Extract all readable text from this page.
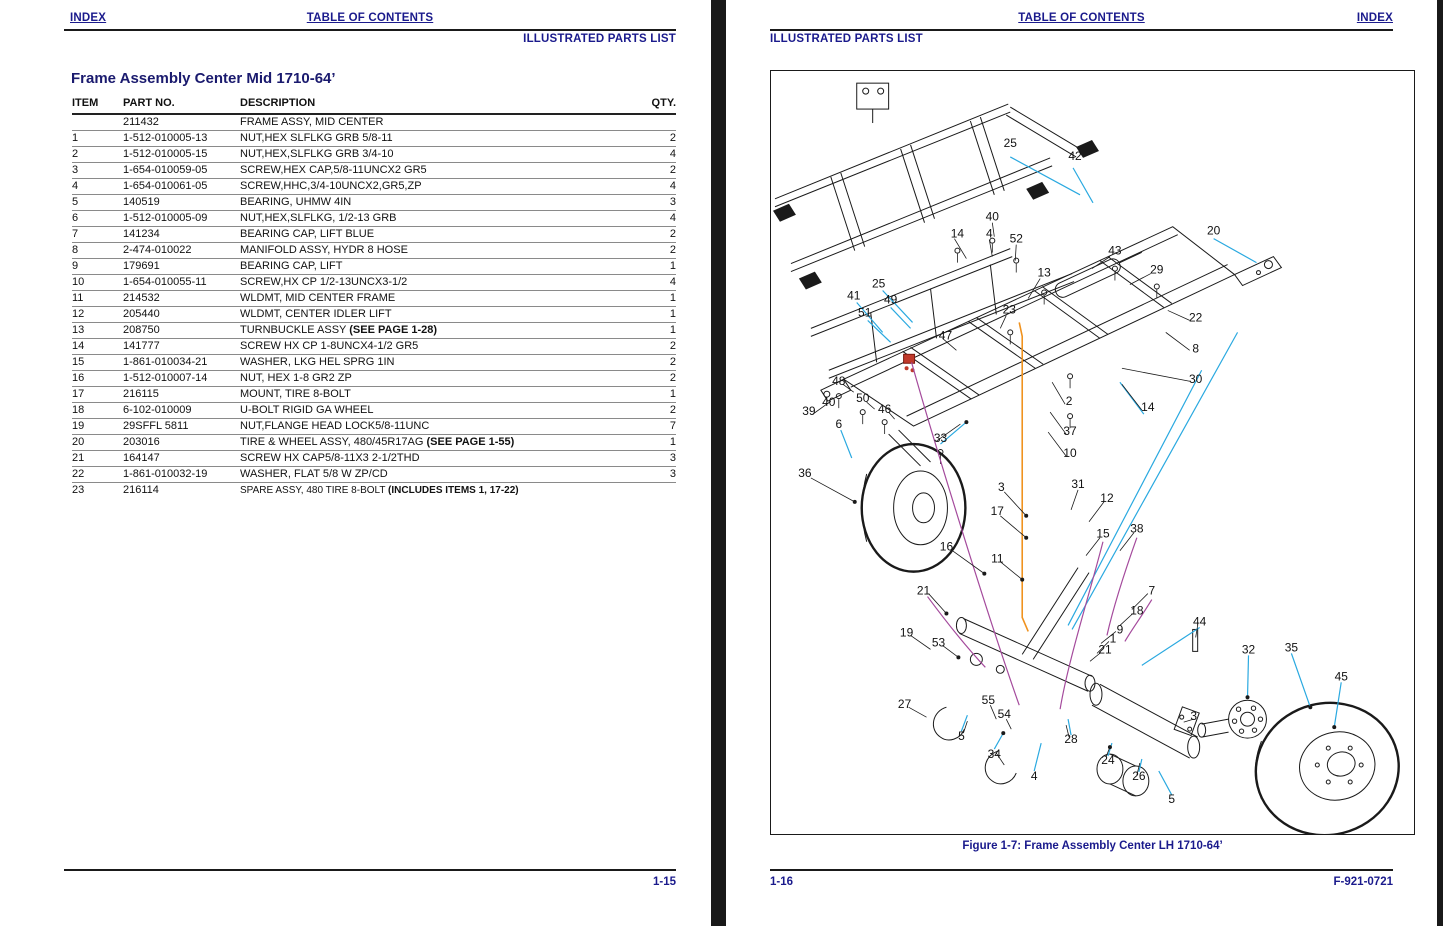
INDEX	TABLE OF CONTENTS
ILLUSTRATED PARTS LIST
Frame Assembly Center Mid 1710-64’
ITEM	PART NO.	DESCRIPTION	QTY.
	211432	FRAME ASSY, MID CENTER	
1	1-512-010005-13	NUT,HEX SLFLKG GRB 5/8-11	2
2	1-512-010005-15	NUT,HEX,SLFLKG GRB 3/4-10	4
3	1-654-010059-05	SCREW,HEX CAP,5/8-11UNCX2 GR5	2
4	1-654-010061-05	SCREW,HHC,3/4-10UNCX2,GR5,ZP	4
5	140519	BEARING, UHMW 4IN	3
6	1-512-010005-09	NUT,HEX,SLFLKG, 1/2-13 GRB	4
7	141234	BEARING CAP, LIFT BLUE	2
8	2-474-010022	MANIFOLD ASSY, HYDR 8 HOSE	2
9	179691	BEARING CAP, LIFT	1
10	1-654-010055-11	SCREW,HX CP 1/2-13UNCX3-1/2	4
11	214532	WLDMT, MID CENTER FRAME	1
12	205440	WLDMT, CENTER IDLER LIFT	1
13	208750	TURNBUCKLE ASSY (SEE PAGE 1-28)	1
14	141777	SCREW HX CP 1-8UNCX4-1/2 GR5	2
15	1-861-010034-21	WASHER, LKG HEL SPRG 1IN	2
16	1-512-010007-14	NUT, HEX 1-8 GR2 ZP	2
17	216115	MOUNT, TIRE 8-BOLT	1
18	6-102-010009	U-BOLT RIGID GA WHEEL	2
19	29SFFL 5811	NUT,FLANGE HEAD LOCK5/8-11UNC	7
20	203016	TIRE & WHEEL ASSY, 480/45R17AG (SEE PAGE 1-55)	1
21	164147	SCREW HX CAP5/8-11X3 2-1/2THD	3
22	1-861-010032-19	WASHER, FLAT 5/8 W ZP/CD	3
23	216114	SPARE ASSY, 480 TIRE 8-BOLT (INCLUDES ITEMS 1, 17-22)	
1-15
TABLE OF CONTENTS	INDEX
ILLUSTRATED PARTS LIST
25
42
40
14 4 52
43
20
25
13	29
41 49
51	23
22
8
47
30
48
40 50
46
2	14
39
37
36
6
33
10
3	31
12
17
15 38
16
11
21	7
18
19
53
9
1
21
44
32 35
45
27	55
54	3
5
34
28
24
26
4
5
Figure 1-7: Frame Assembly Center LH 1710-64’
1-16	F-921-0721
